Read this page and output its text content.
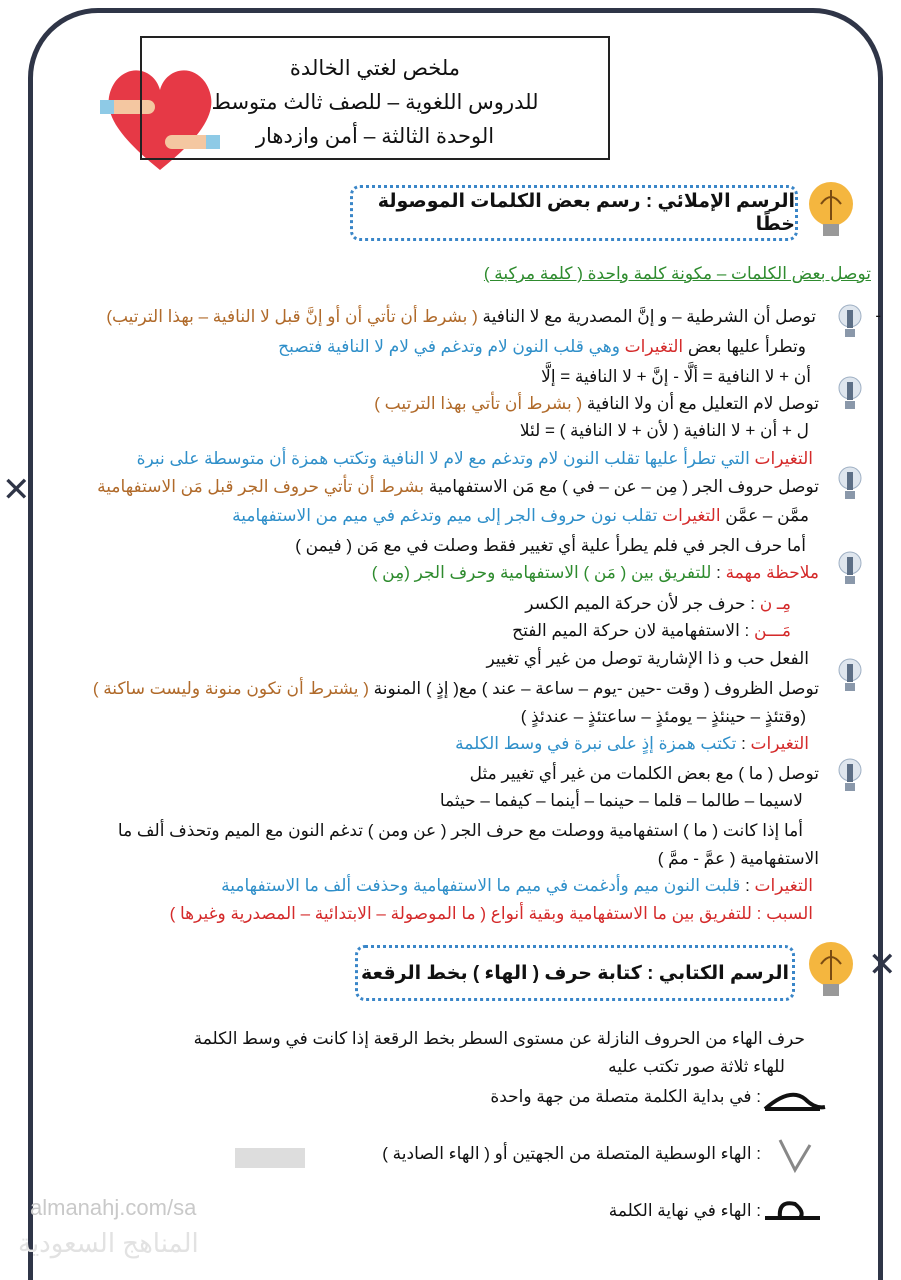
✕
✕
ملخص لغتي الخالدة
للدروس اللغوية – للصف ثالث متوسط
الوحدة الثالثة – أمن وازدهار
الرسم الإملائي : رسم بعض الكلمات الموصولة خطًا
الرسم الكتابي : كتابة حرف ( الهاء ) بخط الرقعة
-
توصل بعض الكلمات – مكونة كلمة واحدة ( كلمة مركبة )
توصل أن الشرطية – و إنَّ المصدرية مع لا النافية ( بشرط أن تأتي أن أو إنَّ قبل لا النافية – بهذا الترتيب)
وتطرأ عليها بعض التغيرات وهي قلب النون لام وتدغم في لام لا النافية فتصبح
أن + لا النافية = ألَّا - إنَّ + لا النافية = إلَّا
توصل لام التعليل مع أن ولا النافية ( بشرط أن تأتي بهذا الترتيب )
ل + أن + لا النافية ( لأن + لا النافية ) = لئلا
التغيرات التي تطرأ عليها تقلب النون لام وتدغم مع لام لا النافية وتكتب همزة أن متوسطة على نبرة
توصل حروف الجر ( مِن – عن – في ) مع مَن الاستفهامية بشرط أن تأتي حروف الجر قبل مَن الاستفهامية
ممَّن – عمَّن التغيرات تقلب نون حروف الجر إلى ميم وتدغم في ميم من الاستفهامية
أما حرف الجر في فلم يطرأ علية أي تغيير فقط وصلت في مع مَن ( فيمن )
ملاحظة مهمة : للتفريق بين ( مَن ) الاستفهامية وحرف الجر (مِن )
مِـ ن : حرف جر لأن حركة الميم الكسر
مَـــن : الاستفهامية لان حركة الميم الفتح
الفعل حب و ذا الإشارية توصل من غير أي تغيير
توصل الظروف ( وقت -حين -يوم – ساعة – عند ) مع( إذٍ ) المنونة ( يشترط أن تكون منونة وليست ساكنة )
(وقتئذٍ – حينئذٍ – يومئذٍ – ساعتئذٍ – عندئذٍ )
التغيرات : تكتب همزة إذٍ على نبرة في وسط الكلمة
توصل ( ما ) مع بعض الكلمات من غير أي تغيير مثل
لاسيما – طالما – قلما – حينما – أينما – كيفما – حيثما
أما إذا كانت ( ما ) استفهامية ووصلت مع حرف الجر ( عن ومن ) تدغم النون مع الميم وتحذف ألف ما
الاستفهامية ( عمَّ - ممَّ )
التغيرات : قلبت النون ميم وأدغمت في ميم ما الاستفهامية وحذفت ألف ما الاستفهامية
السبب : للتفريق بين ما الاستفهامية وبقية أنواع ( ما الموصولة – الابتدائية – المصدرية وغيرها )
حرف الهاء من الحروف النازلة عن مستوى السطر بخط الرقعة إذا كانت في وسط الكلمة
للهاء ثلاثة صور تكتب عليه
: في بداية الكلمة متصلة من جهة واحدة
: الهاء الوسطية المتصلة من الجهتين أو ( الهاء الصادية )
: الهاء في نهاية الكلمة
almanahj.com/sa
المناهج السعودية
